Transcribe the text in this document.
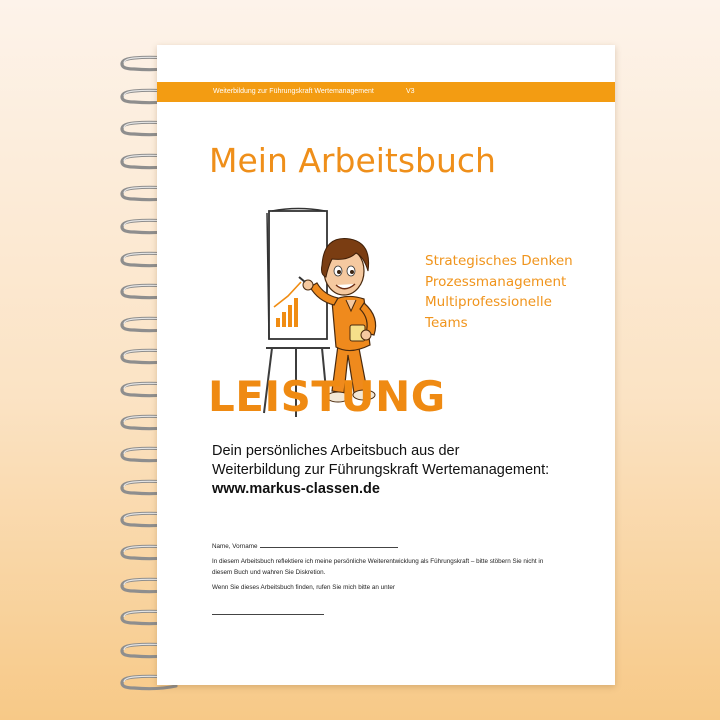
Weiterbildung zur Führungskraft Wertemanagement	V3
Mein Arbeitsbuch
Strategisches Denken
Prozessmanagement
Multiprofessionelle
Teams
LEISTUNG
Dein persönliches Arbeitsbuch aus der
Weiterbildung zur Führungskraft Wertemanagement:
www.markus-classen.de

Name, Vorname

In diesem Arbeitsbuch reflektiere ich meine persönliche Weiterentwicklung als Führungskraft – bitte stöbern Sie nicht in diesem Buch und wahren Sie Diskretion.

Wenn Sie dieses Arbeitsbuch finden, rufen Sie mich bitte an unter
